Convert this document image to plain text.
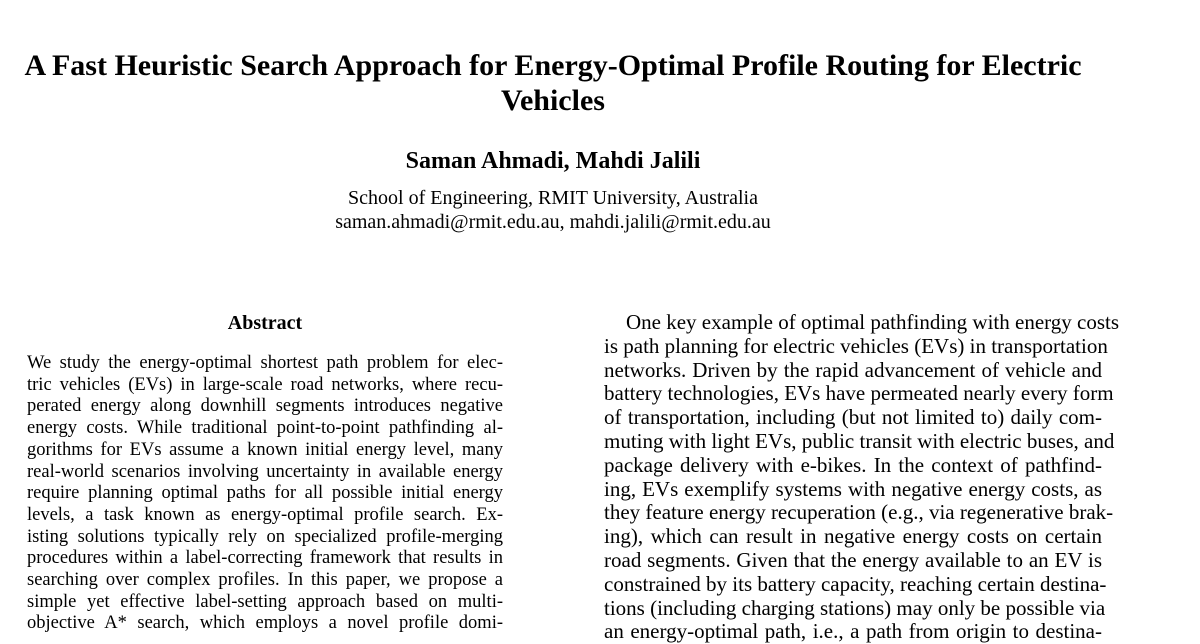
A Fast Heuristic Search Approach for Energy-Optimal Profile Routing for Electric
Vehicles
Saman Ahmadi, Mahdi Jalili
School of Engineering, RMIT University, Australia
saman.ahmadi@rmit.edu.au, mahdi.jalili@rmit.edu.au
Abstract
We study the energy-optimal shortest path problem for elec-
tric vehicles (EVs) in large-scale road networks, where recu-
perated energy along downhill segments introduces negative
energy costs. While traditional point-to-point pathfinding al-
gorithms for EVs assume a known initial energy level, many
real-world scenarios involving uncertainty in available energy
require planning optimal paths for all possible initial energy
levels, a task known as energy-optimal profile search. Ex-
isting solutions typically rely on specialized profile-merging
procedures within a label-correcting framework that results in
searching over complex profiles. In this paper, we propose a
simple yet effective label-setting approach based on multi-
objective A* search, which employs a novel profile domi-
One key example of optimal pathfinding with energy costs
is path planning for electric vehicles (EVs) in transportation
networks. Driven by the rapid advancement of vehicle and
battery technologies, EVs have permeated nearly every form
of transportation, including (but not limited to) daily com-
muting with light EVs, public transit with electric buses, and
package delivery with e-bikes. In the context of pathfind-
ing, EVs exemplify systems with negative energy costs, as
they feature energy recuperation (e.g., via regenerative brak-
ing), which can result in negative energy costs on certain
road segments. Given that the energy available to an EV is
constrained by its battery capacity, reaching certain destina-
tions (including charging stations) may only be possible via
an energy-optimal path, i.e., a path from origin to destina-
